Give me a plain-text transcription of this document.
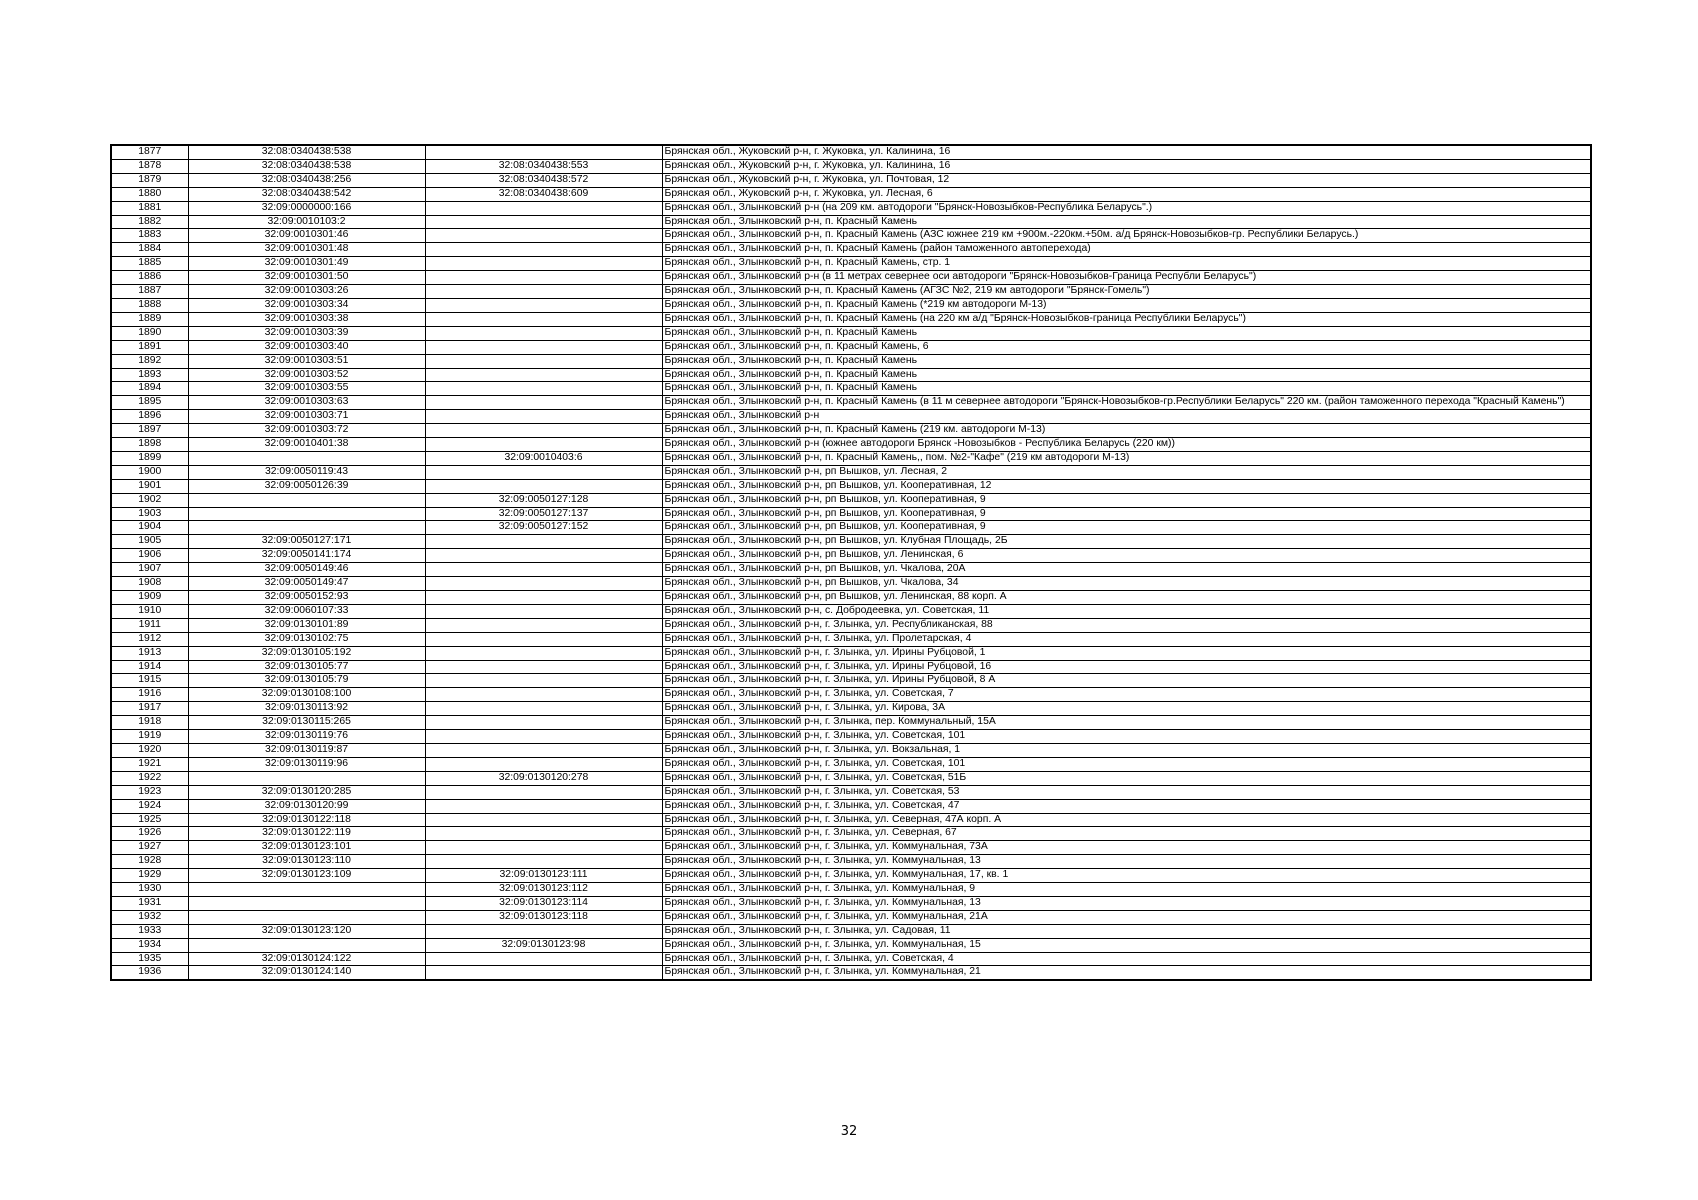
1877	32:08:0340438:538		Брянская обл., Жуковский р-н, г. Жуковка, ул. Калинина, 16
1878	32:08:0340438:538	32:08:0340438:553	Брянская обл., Жуковский р-н, г. Жуковка, ул. Калинина, 16
1879	32:08:0340438:256	32:08:0340438:572	Брянская обл., Жуковский р-н, г. Жуковка, ул. Почтовая, 12
1880	32:08:0340438:542	32:08:0340438:609	Брянская обл., Жуковский р-н, г. Жуковка, ул. Лесная, 6
1881	32:09:0000000:166		Брянская обл., Злынковский р-н (на 209 км. автодороги "Брянск-Новозыбков-Республика Беларусь".)
1882	32:09:0010103:2		Брянская обл., Злынковский р-н, п. Красный Камень
1883	32:09:0010301:46		Брянская обл., Злынковский р-н, п. Красный Камень (АЗС южнее 219 км +900м.-220км.+50м. а/д Брянск-Новозыбков-гр. Республики Беларусь.)
1884	32:09:0010301:48		Брянская обл., Злынковский р-н, п. Красный Камень (район таможенного автоперехода)
1885	32:09:0010301:49		Брянская обл., Злынковский р-н, п. Красный Камень, стр. 1
1886	32:09:0010301:50		Брянская обл., Злынковский р-н (в 11 метрах севернее оси автодороги "Брянск-Новозыбков-Граница Республи Беларусь")
1887	32:09:0010303:26		Брянская обл., Злынковский р-н, п. Красный Камень (АГЗС №2, 219 км автодороги "Брянск-Гомель")
1888	32:09:0010303:34		Брянская обл., Злынковский р-н, п. Красный Камень (*219 км автодороги М-13)
1889	32:09:0010303:38		Брянская обл., Злынковский р-н, п. Красный Камень (на 220 км а/д "Брянск-Новозыбков-граница Республики Беларусь")
1890	32:09:0010303:39		Брянская обл., Злынковский р-н, п. Красный Камень
1891	32:09:0010303:40		Брянская обл., Злынковский р-н, п. Красный Камень, 6
1892	32:09:0010303:51		Брянская обл., Злынковский р-н, п. Красный Камень
1893	32:09:0010303:52		Брянская обл., Злынковский р-н, п. Красный Камень
1894	32:09:0010303:55		Брянская обл., Злынковский р-н, п. Красный Камень
1895	32:09:0010303:63		Брянская обл., Злынковский р-н, п. Красный Камень (в 11 м севернее автодороги "Брянск-Новозыбков-гр.Республики Беларусь" 220 км. (район таможенного перехода "Красный Камень")
1896	32:09:0010303:71		Брянская обл., Злынковский р-н
1897	32:09:0010303:72		Брянская обл., Злынковский р-н, п. Красный Камень (219 км. автодороги М-13)
1898	32:09:0010401:38		Брянская обл., Злынковский р-н (южнее автодороги Брянск -Новозыбков - Республика Беларусь (220 км))
1899		32:09:0010403:6	Брянская обл., Злынковский р-н, п. Красный Камень,, пом. №2-"Кафе" (219 км автодороги М-13)
1900	32:09:0050119:43		Брянская обл., Злынковский р-н, рп Вышков, ул. Лесная, 2
1901	32:09:0050126:39		Брянская обл., Злынковский р-н, рп Вышков, ул. Кооперативная, 12
1902		32:09:0050127:128	Брянская обл., Злынковский р-н, рп Вышков, ул. Кооперативная, 9
1903		32:09:0050127:137	Брянская обл., Злынковский р-н, рп Вышков, ул. Кооперативная, 9
1904		32:09:0050127:152	Брянская обл., Злынковский р-н, рп Вышков, ул. Кооперативная, 9
1905	32:09:0050127:171		Брянская обл., Злынковский р-н, рп Вышков, ул. Клубная Площадь, 2Б
1906	32:09:0050141:174		Брянская обл., Злынковский р-н, рп Вышков, ул. Ленинская, 6
1907	32:09:0050149:46		Брянская обл., Злынковский р-н, рп Вышков, ул. Чкалова, 20А
1908	32:09:0050149:47		Брянская обл., Злынковский р-н, рп Вышков, ул. Чкалова, 34
1909	32:09:0050152:93		Брянская обл., Злынковский р-н, рп Вышков, ул. Ленинская, 88 корп. А
1910	32:09:0060107:33		Брянская обл., Злынковский р-н, с. Добродеевка, ул. Советская, 11
1911	32:09:0130101:89		Брянская обл., Злынковский р-н, г. Злынка, ул. Республиканская, 88
1912	32:09:0130102:75		Брянская обл., Злынковский р-н, г. Злынка, ул. Пролетарская, 4
1913	32:09:0130105:192		Брянская обл., Злынковский р-н, г. Злынка, ул. Ирины Рубцовой, 1
1914	32:09:0130105:77		Брянская обл., Злынковский р-н, г. Злынка, ул. Ирины Рубцовой, 16
1915	32:09:0130105:79		Брянская обл., Злынковский р-н, г. Злынка, ул. Ирины Рубцовой, 8 А
1916	32:09:0130108:100		Брянская обл., Злынковский р-н, г. Злынка, ул. Советская, 7
1917	32:09:0130113:92		Брянская обл., Злынковский р-н, г. Злынка, ул. Кирова, 3А
1918	32:09:0130115:265		Брянская обл., Злынковский р-н, г. Злынка, пер. Коммунальный, 15А
1919	32:09:0130119:76		Брянская обл., Злынковский р-н, г. Злынка, ул. Советская, 101
1920	32:09:0130119:87		Брянская обл., Злынковский р-н, г. Злынка, ул. Вокзальная, 1
1921	32:09:0130119:96		Брянская обл., Злынковский р-н, г. Злынка, ул. Советская, 101
1922		32:09:0130120:278	Брянская обл., Злынковский р-н, г. Злынка, ул. Советская, 51Б
1923	32:09:0130120:285		Брянская обл., Злынковский р-н, г. Злынка, ул. Советская, 53
1924	32:09:0130120:99		Брянская обл., Злынковский р-н, г. Злынка, ул. Советская, 47
1925	32:09:0130122:118		Брянская обл., Злынковский р-н, г. Злынка, ул. Северная, 47А корп. А
1926	32:09:0130122:119		Брянская обл., Злынковский р-н, г. Злынка, ул. Северная, 67
1927	32:09:0130123:101		Брянская обл., Злынковский р-н, г. Злынка, ул. Коммунальная, 73А
1928	32:09:0130123:110		Брянская обл., Злынковский р-н, г. Злынка, ул. Коммунальная, 13
1929	32:09:0130123:109	32:09:0130123:111	Брянская обл., Злынковский р-н, г. Злынка, ул. Коммунальная, 17, кв. 1
1930		32:09:0130123:112	Брянская обл., Злынковский р-н, г. Злынка, ул. Коммунальная, 9
1931		32:09:0130123:114	Брянская обл., Злынковский р-н, г. Злынка, ул. Коммунальная, 13
1932		32:09:0130123:118	Брянская обл., Злынковский р-н, г. Злынка, ул. Коммунальная, 21А
1933	32:09:0130123:120		Брянская обл., Злынковский р-н, г. Злынка, ул. Садовая, 11
1934		32:09:0130123:98	Брянская обл., Злынковский р-н, г. Злынка, ул. Коммунальная, 15
1935	32:09:0130124:122		Брянская обл., Злынковский р-н, г. Злынка, ул. Советская, 4
1936	32:09:0130124:140		Брянская обл., Злынковский р-н, г. Злынка, ул. Коммунальная, 21
32
